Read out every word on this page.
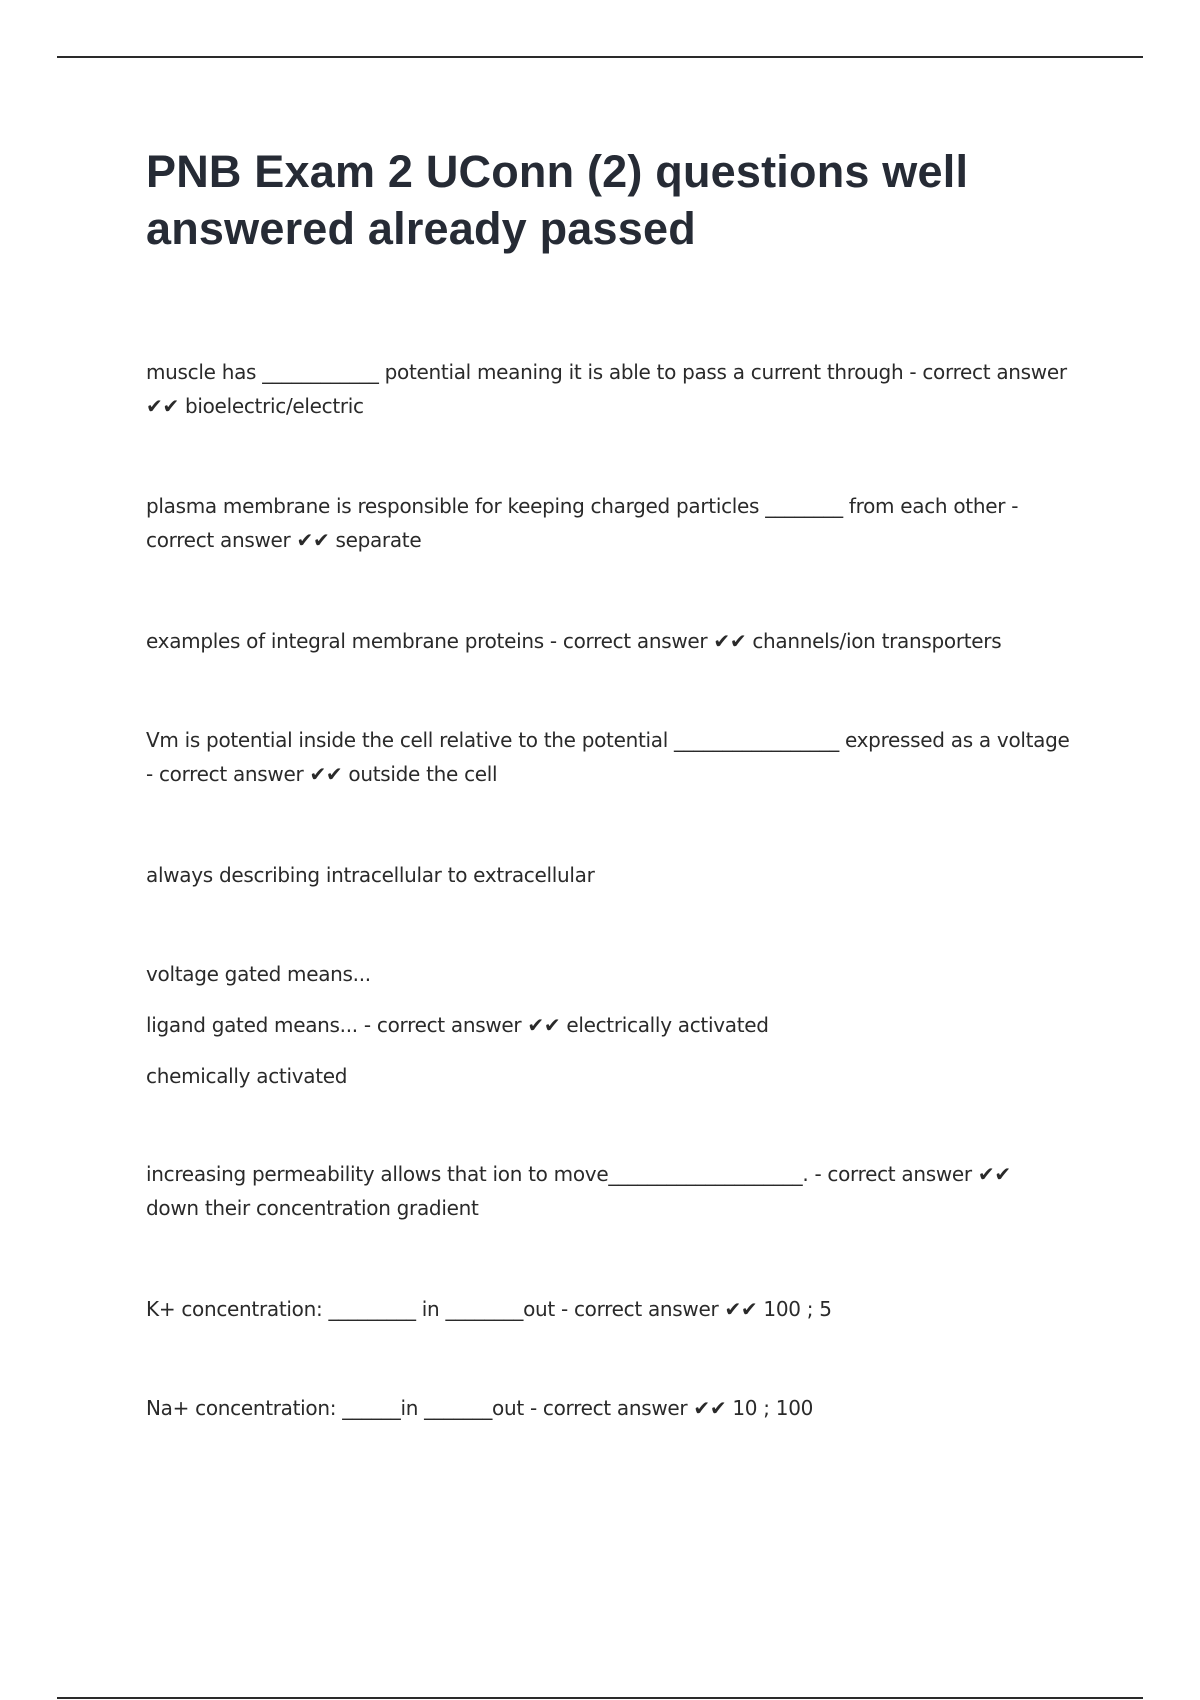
PNB Exam 2 UConn (2) questions well
answered already passed
muscle has ____________ potential meaning it is able to pass a current through - correct answer
✔✔ bioelectric/electric
plasma membrane is responsible for keeping charged particles ________ from each other -
correct answer ✔✔ separate
examples of integral membrane proteins - correct answer ✔✔ channels/ion transporters
Vm is potential inside the cell relative to the potential _________________ expressed as a voltage
- correct answer ✔✔ outside the cell
always describing intracellular to extracellular
voltage gated means...
ligand gated means... - correct answer ✔✔ electrically activated
chemically activated
increasing permeability allows that ion to move____________________. - correct answer ✔✔
down their concentration gradient
K+ concentration: _________ in ________out - correct answer ✔✔ 100 ; 5
Na+ concentration: ______in _______out - correct answer ✔✔ 10 ; 100
